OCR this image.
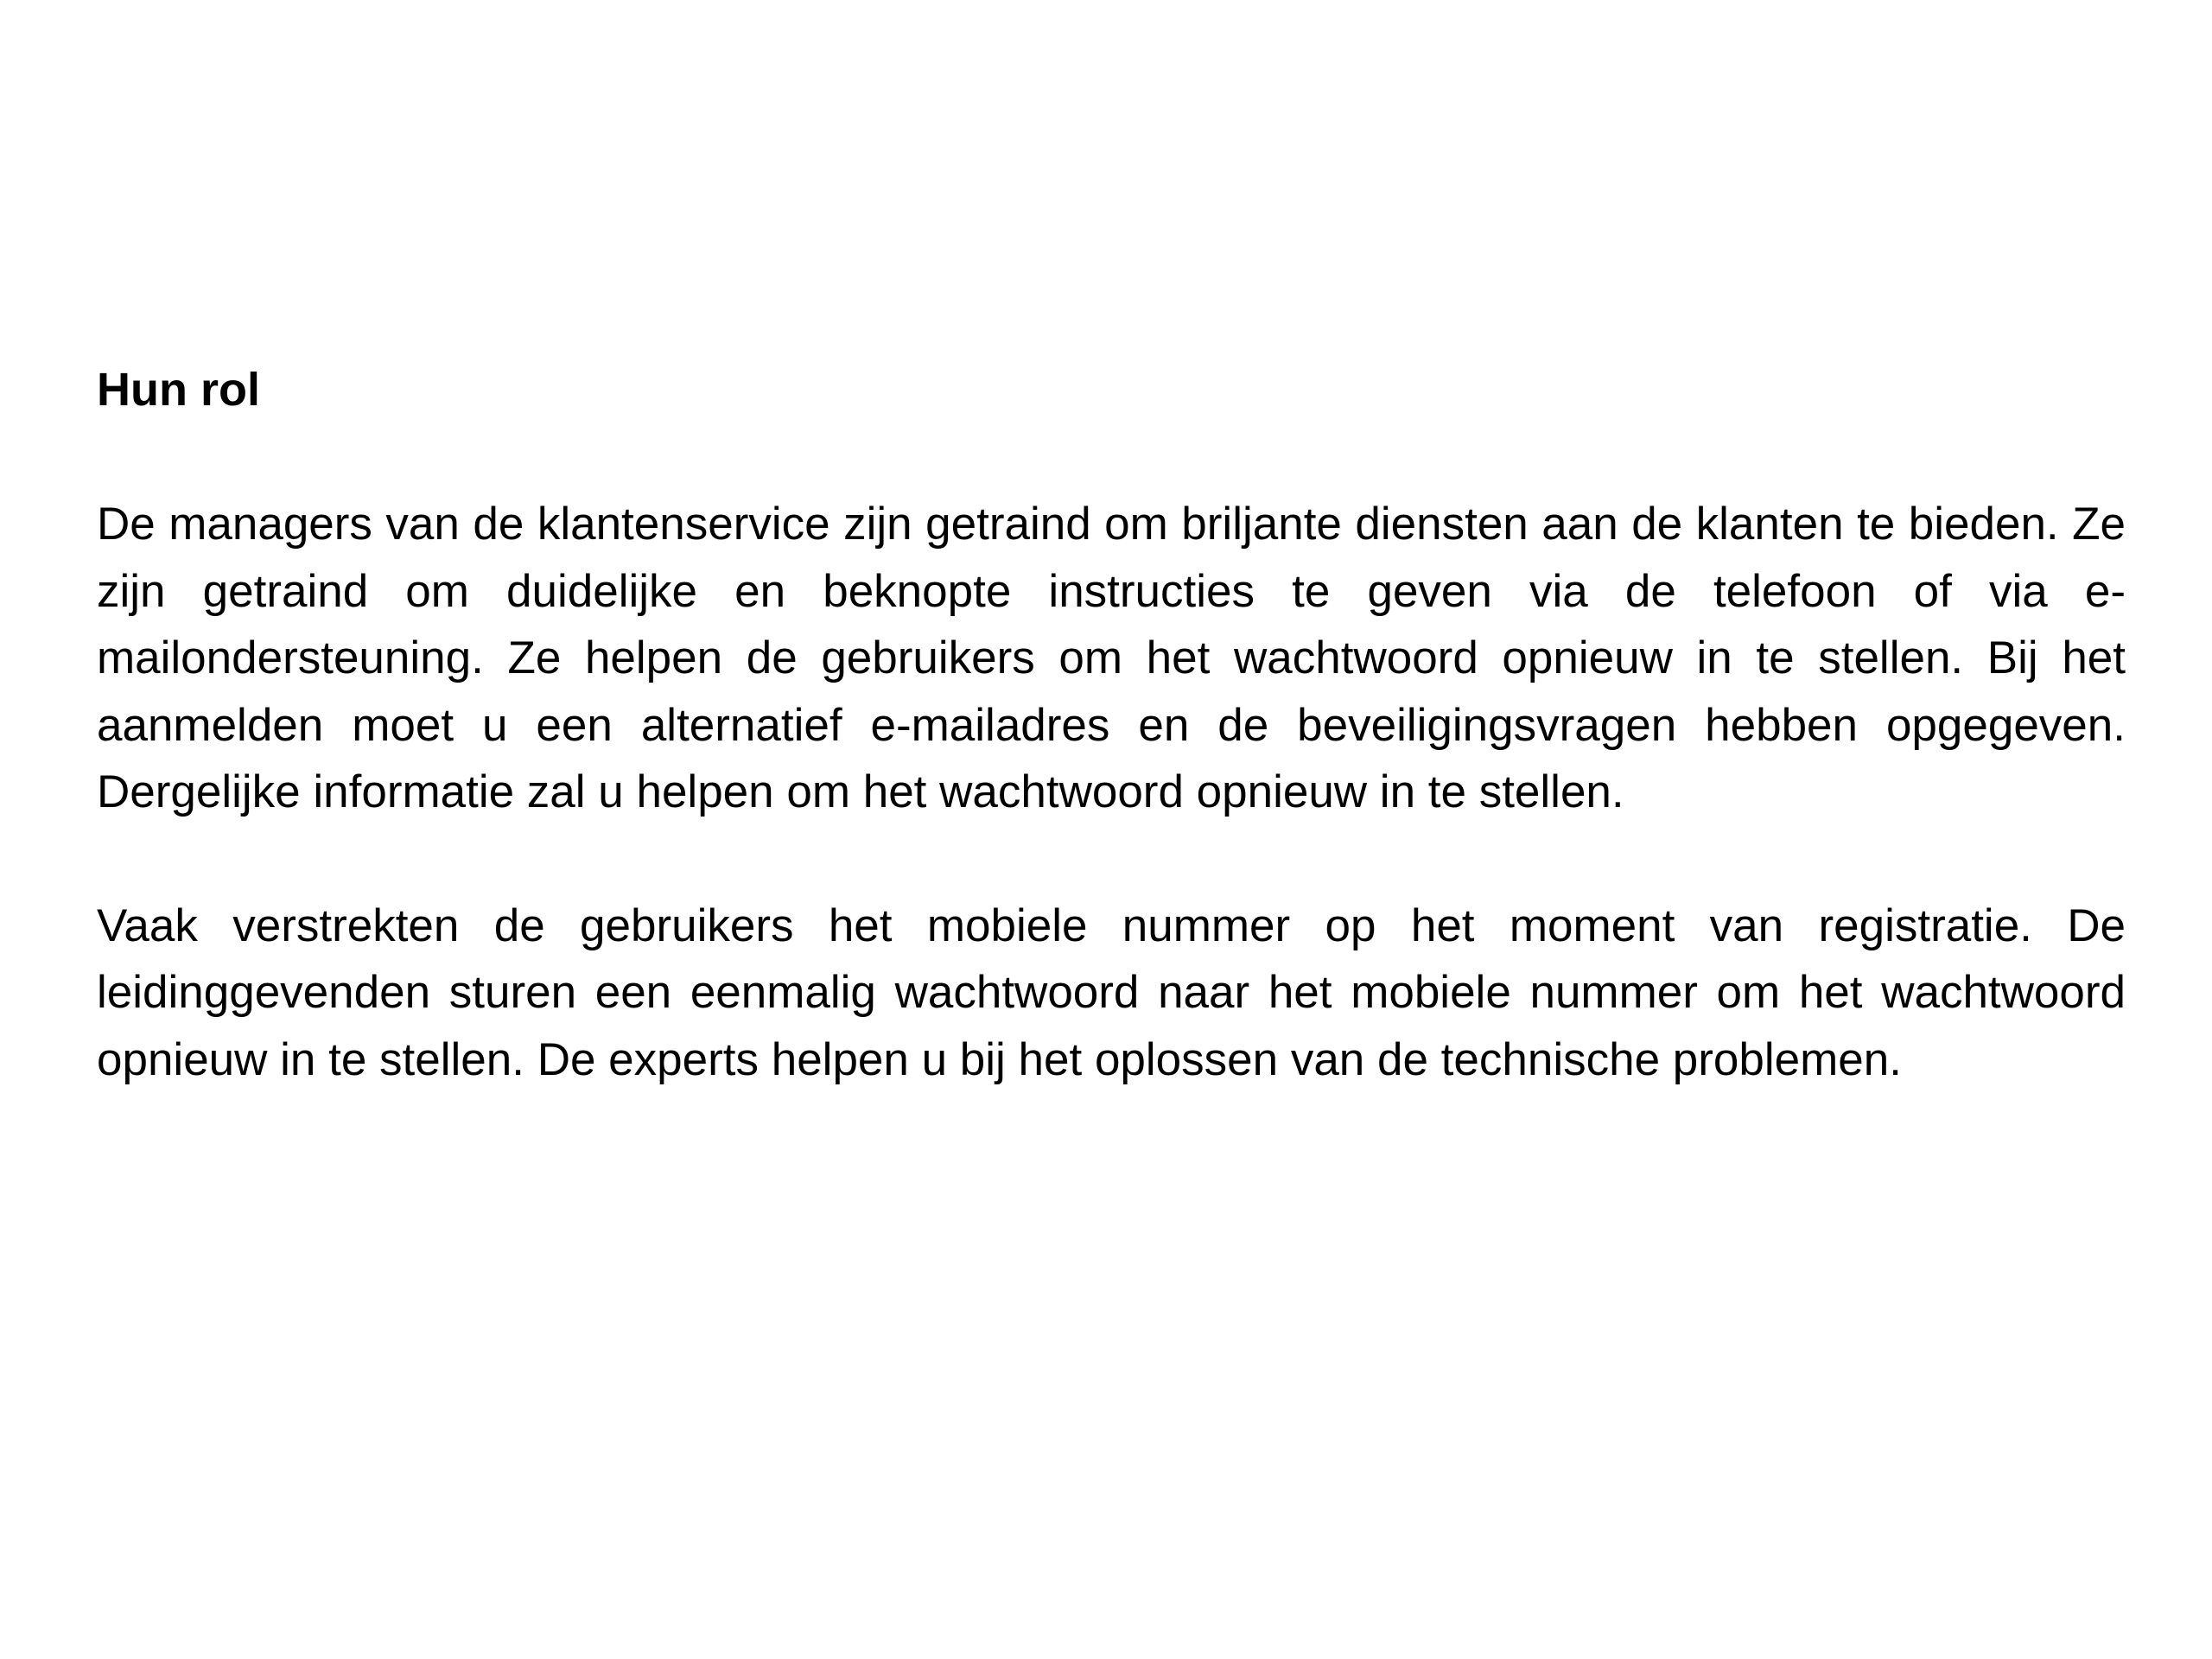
Hun rol

De managers van de klantenservice zijn getraind om briljante diensten aan de klanten te bieden. Ze zijn getraind om duidelijke en beknopte instructies te geven via de telefoon of via e-mailondersteuning. Ze helpen de gebruikers om het wachtwoord opnieuw in te stellen. Bij het aanmelden moet u een alternatief e-mailadres en de beveiligingsvragen hebben opgegeven. Dergelijke informatie zal u helpen om het wachtwoord opnieuw in te stellen.

Vaak verstrekten de gebruikers het mobiele nummer op het moment van registratie. De leidinggevenden sturen een eenmalig wachtwoord naar het mobiele nummer om het wachtwoord opnieuw in te stellen. De experts helpen u bij het oplossen van de technische problemen.
